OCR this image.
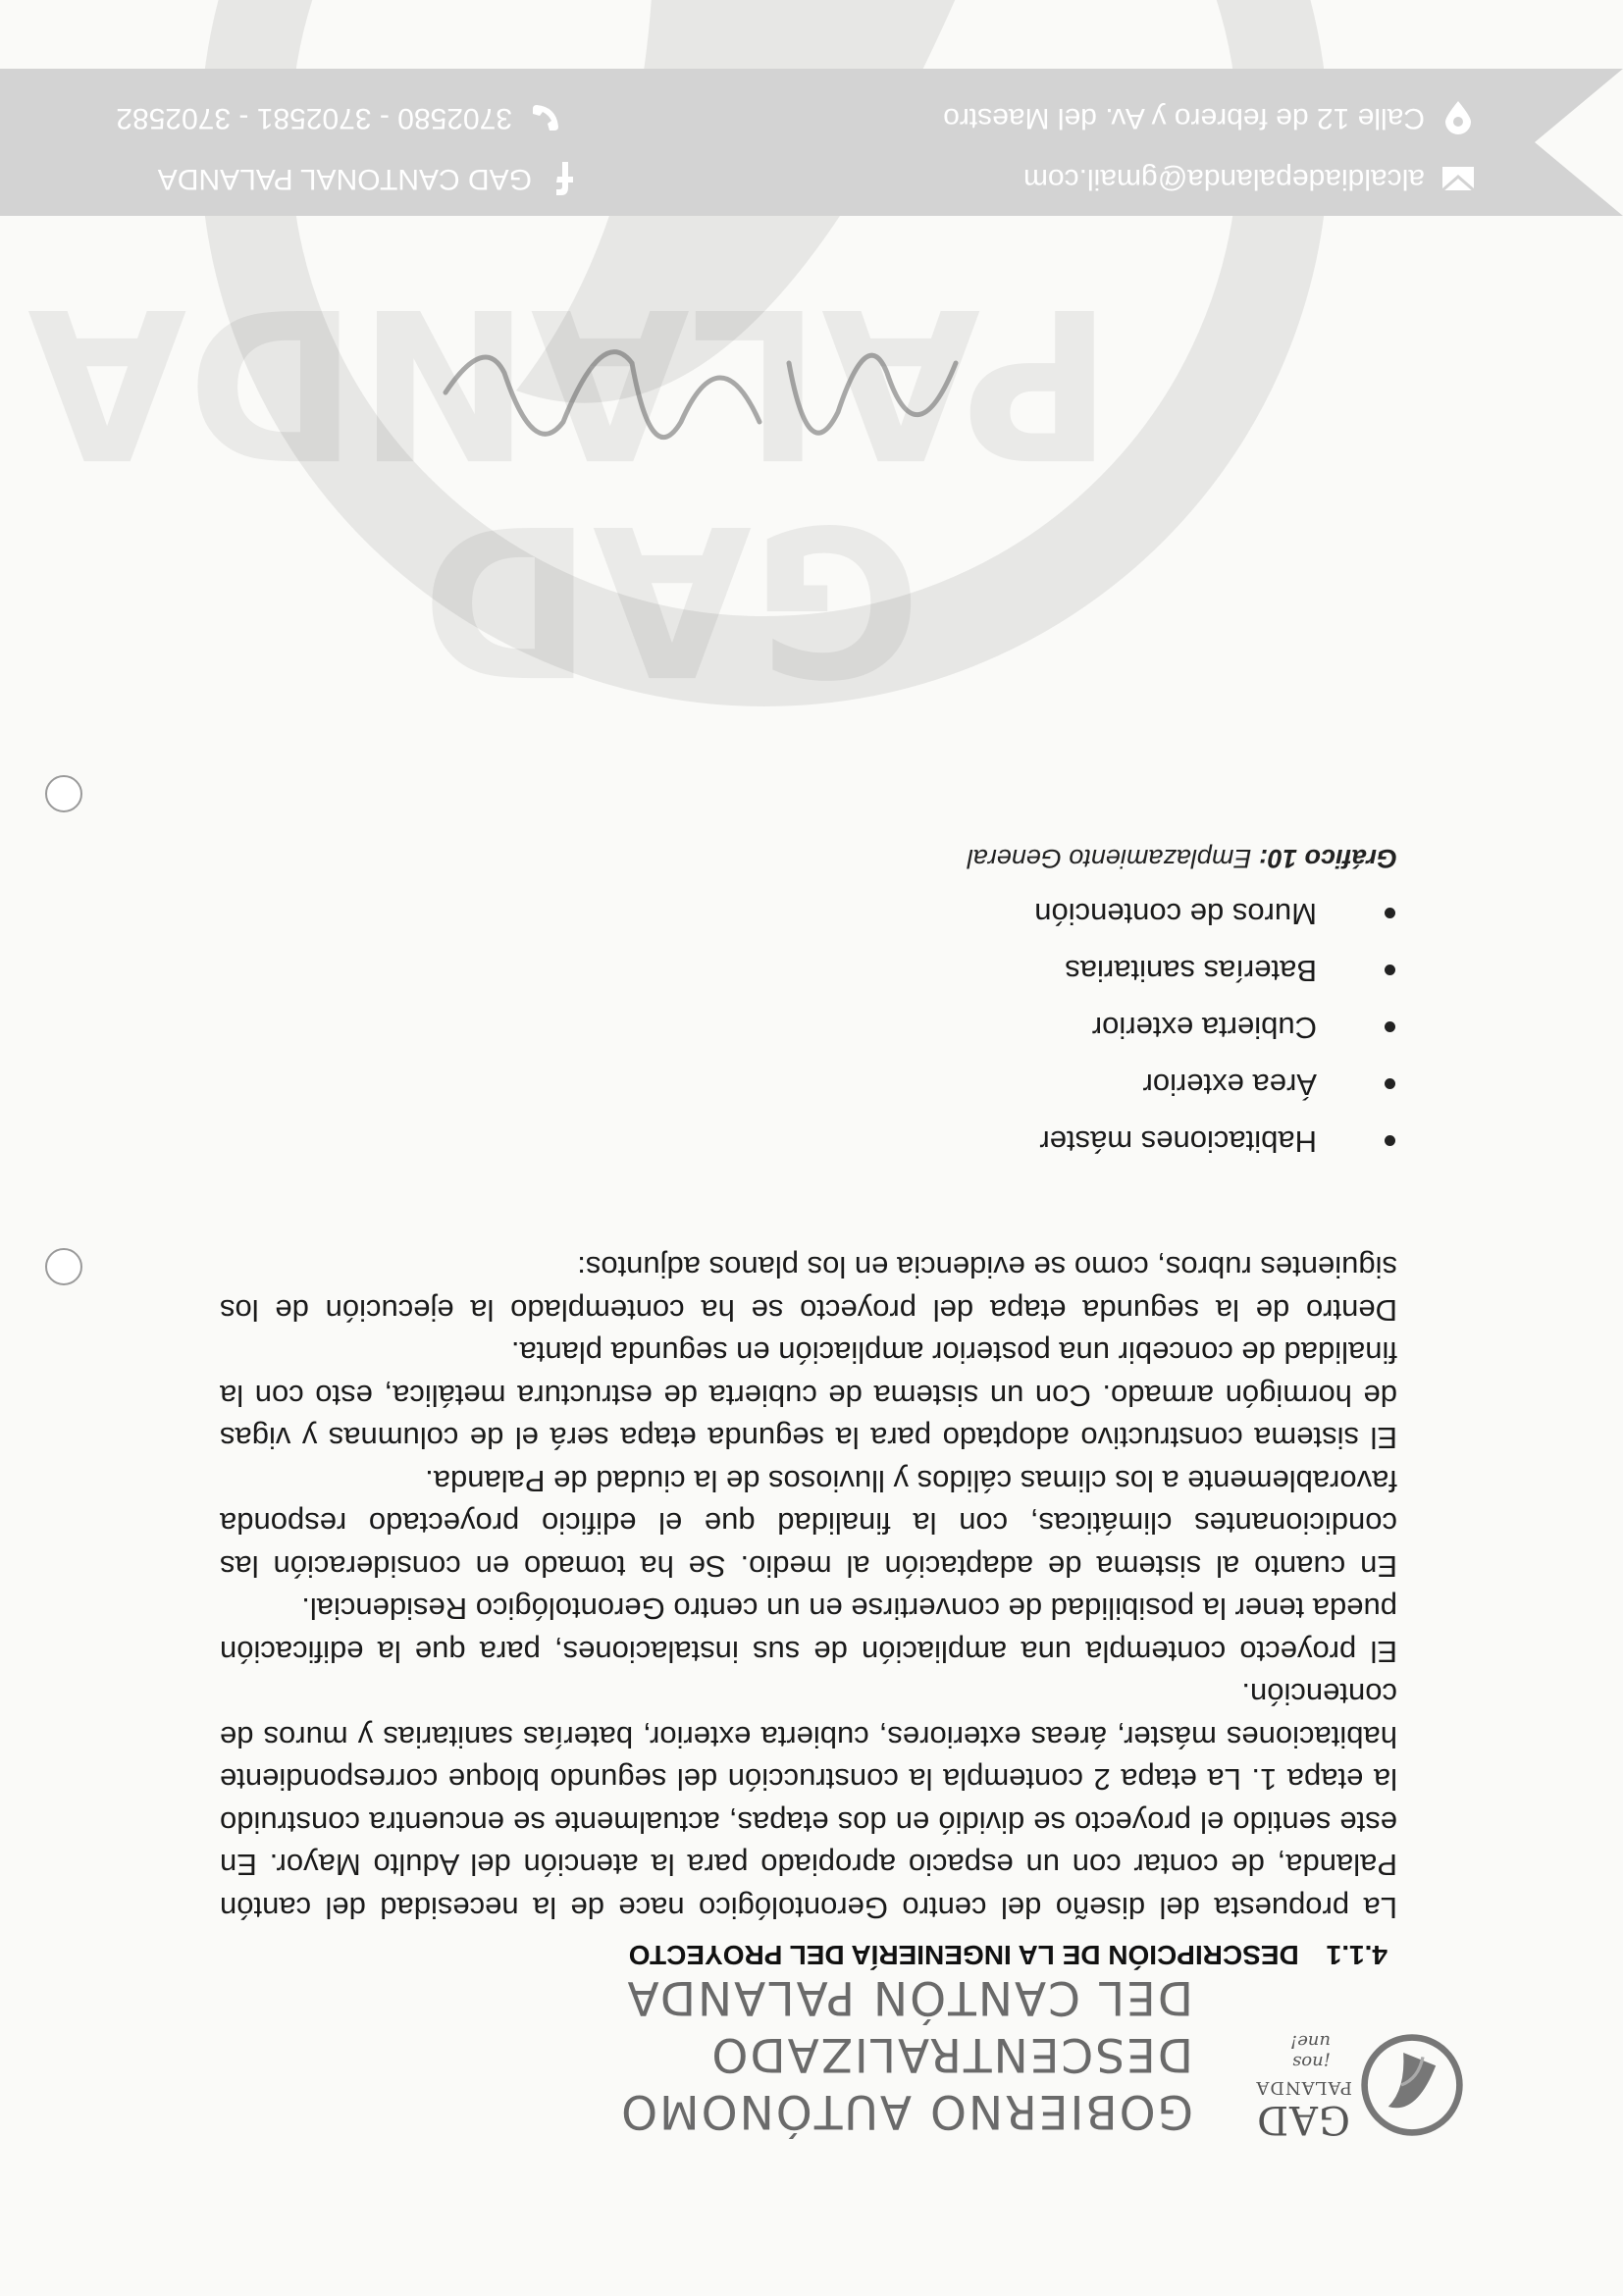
GAD
PALANDA
GAD
PALANDA
¡nos une!
GOBIERNO AUTÓNOMO DESCENTRALIZADO
DEL CANTÓN PALANDA
4.1.1DESCRIPCIÓN DE LA INGENIERÍA DEL PROYECTO

La propuesta del diseño del centro Gerontológico nace de la necesidad del cantón Palanda, de contar con un espacio apropiado para la atención del Adulto Mayor. En este sentido el proyecto se dividió en dos etapas, actualmente se encuentra construido la etapa 1. La etapa 2 contempla la construcción del segundo bloque correspondiente habitaciones máster, áreas exteriores, cubierta exterior, baterías sanitarias y muros de contención.

El proyecto contempla una ampliación de sus instalaciones, para que la edificación pueda tener la posibilidad de convertirse en un centro Gerontológico Residencial.

En cuanto al sistema de adaptación al medio. Se ha tomado en consideración las condicionantes climáticas, con la finalidad que el edificio proyectado responda favorablemente a los climas cálidos y lluviosos de la ciudad de Palanda.

El sistema constructivo adoptado para la segunda etapa será el de columnas y vigas de hormigón armado. Con un sistema de cubierta de estructura metálica, esto con la finalidad de concebir una posterior ampliación en segunda planta.

Dentro de la segunda etapa del proyecto se ha contemplado la ejecución de los siguientes rubros, como se evidencia en los planos adjuntos:

Habitaciones máster
Área exterior
Cubierta exterior
Baterías sanitarias
Muros de contención
Gráfico 10: Emplazamiento General
alcaldiadepalanda@gmail.com
GAD CANTONAL PALANDA
Calle 12 de febrero y Av. del Maestro
3702580 - 3702581 - 3702582
